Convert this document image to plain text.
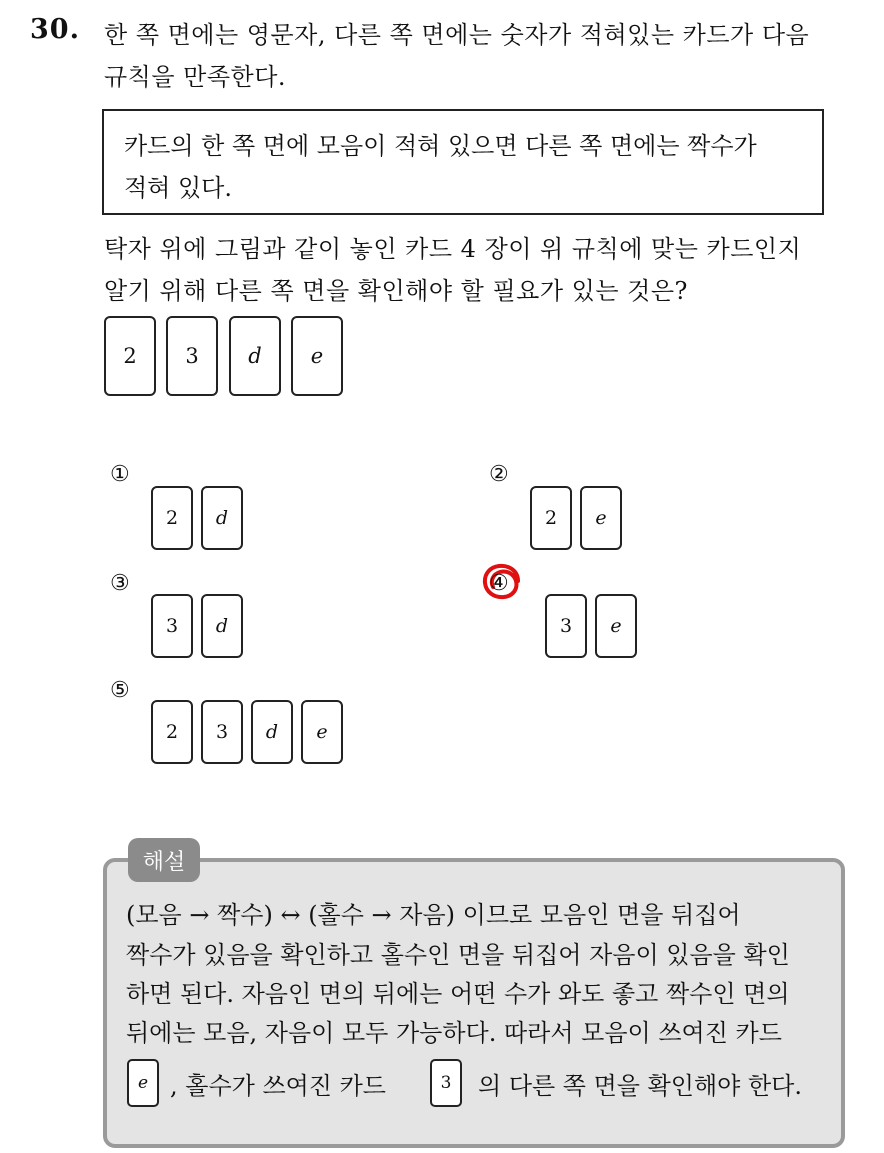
30. 한 쪽 면에는 영문자, 다른 쪽 면에는 숫자가 적혀있는 카드가 다음
규칙을 만족한다.
카드의 한 쪽 면에 모음이 적혀 있으면 다른 쪽 면에는 짝수가
적혀 있다.
탁자 위에 그림과 같이 놓인 카드 4 장이 위 규칙에 맞는 카드인지
알기 위해 다른 쪽 면을 확인해야 할 필요가 있는 것은?
2 3 d e
①
2 d
②
2 e
③
3 d
④
3 e
⑤
2 3 d e
해설
(모음 → 짝수) ↔ (홀수 → 자음) 이므로 모음인 면을 뒤집어
짝수가 있음을 확인하고 홀수인 면을 뒤집어 자음이 있음을 확인
하면 된다. 자음인 면의 뒤에는 어떤 수가 와도 좋고 짝수인 면의
뒤에는 모음, 자음이 모두 가능하다. 따라서 모음이 쓰여진 카드
e , 홀수가 쓰여진 카드	3 의 다른 쪽 면을 확인해야 한다.
